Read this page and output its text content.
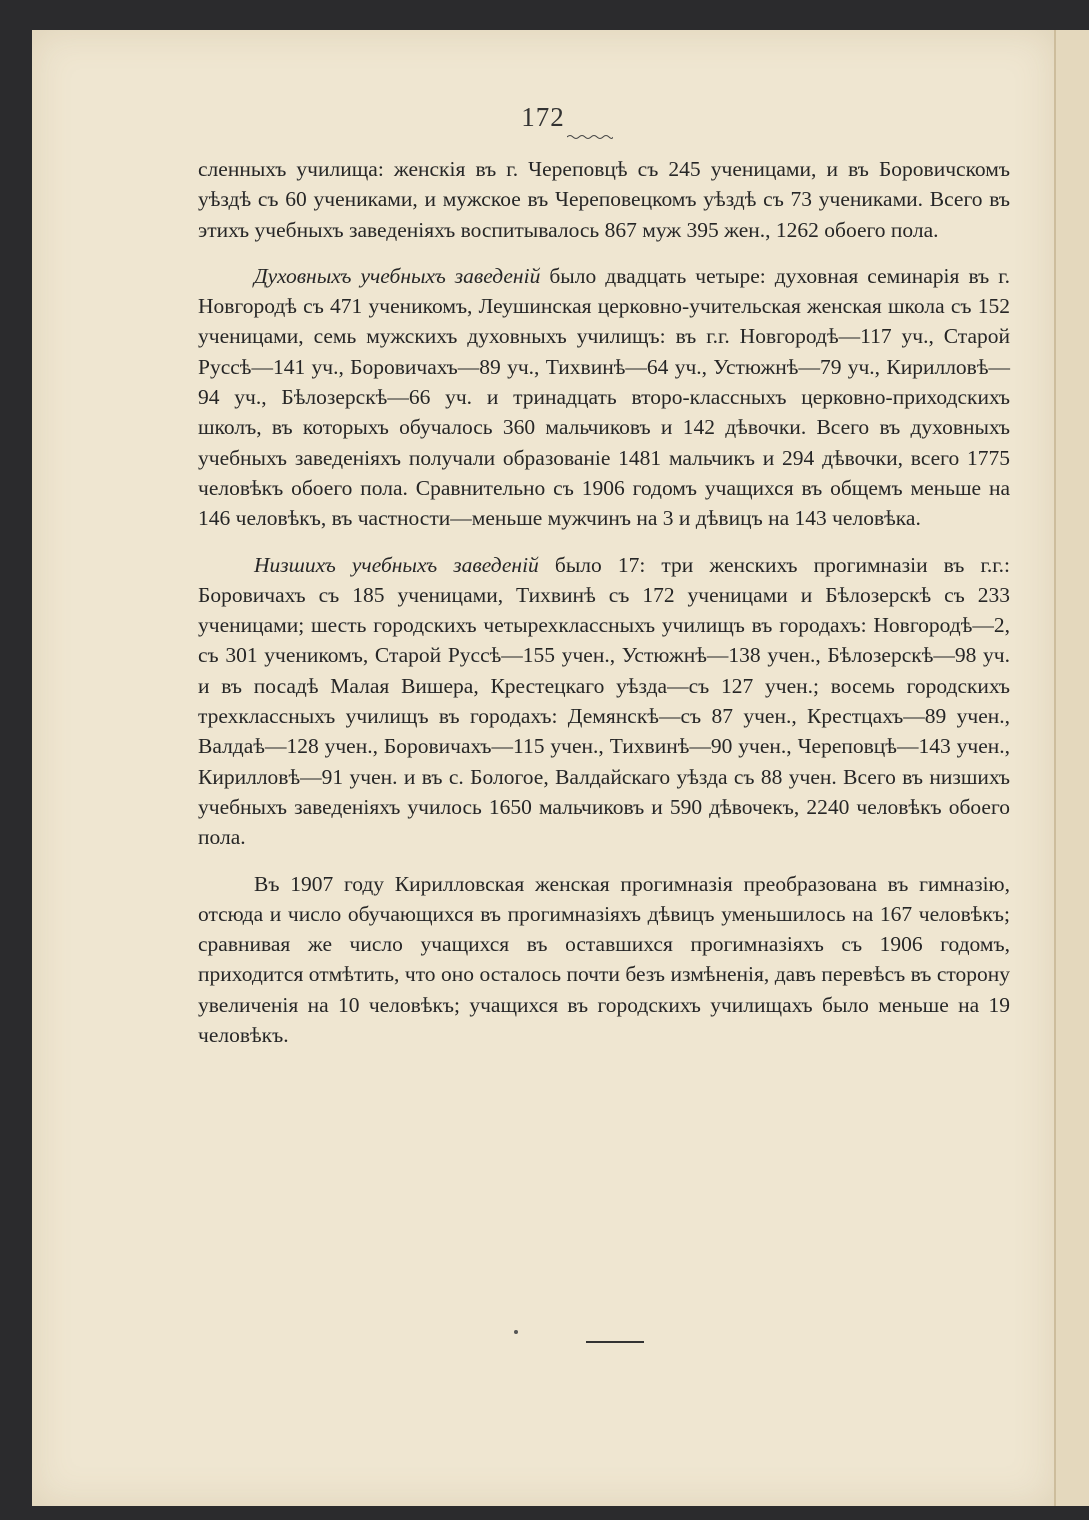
172

сленныхъ училища: женскія въ г. Череповцѣ съ 245 ученицами, и въ Боровичскомъ уѣздѣ съ 60 учениками, и мужское въ Череповецкомъ уѣздѣ съ 73 учениками. Всего въ этихъ учебныхъ заведеніяхъ воспитывалось 867 муж 395 жен., 1262 обоего пола.

Духовныхъ учебныхъ заведеній было двадцать четыре: духовная семинарія въ г. Новгородѣ съ 471 ученикомъ, Леушинская церковно-учительская женская школа съ 152 ученицами, семь мужскихъ духовныхъ училищъ: въ г.г. Новгородѣ—117 уч., Старой Руссѣ—141 уч., Боровичахъ—89 уч., Тихвинѣ—64 уч., Устюжнѣ—79 уч., Кирилловѣ—94 уч., Бѣлозерскѣ—66 уч. и тринадцать второ-классныхъ церковно-приходскихъ школъ, въ которыхъ обучалось 360 мальчиковъ и 142 дѣвочки. Всего въ духовныхъ учебныхъ заведеніяхъ получали образованіе 1481 мальчикъ и 294 дѣвочки, всего 1775 человѣкъ обоего пола. Сравнительно съ 1906 годомъ учащихся въ общемъ меньше на 146 человѣкъ, въ частности—меньше мужчинъ на 3 и дѣвицъ на 143 человѣка.

Низшихъ учебныхъ заведеній было 17: три женскихъ прогимназіи въ г.г.: Боровичахъ съ 185 ученицами, Тихвинѣ съ 172 ученицами и Бѣлозерскѣ съ 233 ученицами; шесть городскихъ четырехклассныхъ училищъ въ городахъ: Новгородѣ—2, съ 301 ученикомъ, Старой Руссѣ—155 учен., Устюжнѣ—138 учен., Бѣлозерскѣ—98 уч. и въ посадѣ Малая Вишера, Крестецкаго уѣзда—съ 127 учен.; восемь городскихъ трехклассныхъ училищъ въ городахъ: Демянскѣ—съ 87 учен., Крестцахъ—89 учен., Валдаѣ—128 учен., Боровичахъ—115 учен., Тихвинѣ—90 учен., Череповцѣ—143 учен., Кирилловѣ—91 учен. и въ с. Бологое, Валдайскаго уѣзда съ 88 учен. Всего въ низшихъ учебныхъ заведеніяхъ училось 1650 мальчиковъ и 590 дѣвочекъ, 2240 человѣкъ обоего пола.

Въ 1907 году Кирилловская женская прогимназія преобразована въ гимназію, отсюда и число обучающихся въ прогимназіяхъ дѣвицъ уменьшилось на 167 человѣкъ; сравнивая же число учащихся въ оставшихся прогимназіяхъ съ 1906 годомъ, приходится отмѣтить, что оно осталось почти безъ измѣненія, давъ перевѣсъ въ сторону увеличенія на 10 человѣкъ; учащихся въ городскихъ училищахъ было меньше на 19 человѣкъ.
